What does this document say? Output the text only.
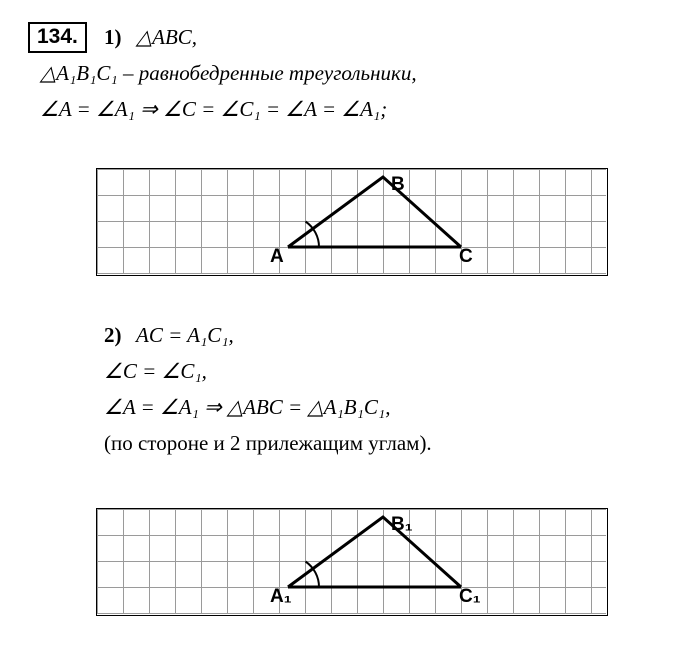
134.	1) △ABC,
△A₁B₁C₁ – равнобедренные треугольники,
∠A = ∠A₁ ⇒ ∠C = ∠C₁ = ∠A = ∠A₁;
A
B
C
2) AC = A₁C₁,
∠C = ∠C₁,
∠A = ∠A₁ ⇒ △ABC = △A₁B₁C₁,
(по стороне и 2 прилежащим углам).
A₁
B₁
C₁
